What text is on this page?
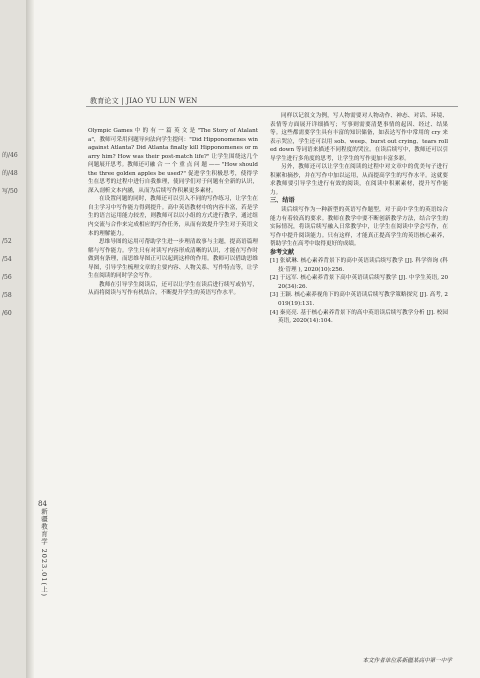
的/46
的/48
写/50
/52
/54
/56
/58
/60
84
新疆教育学 2023.01(上)
教育论文 | JIAO YU LUN WEN

Olympic Games 中 的 有 一 篇 英 文 是 "The Story of Atalanta"，教师可采用问题导向法向学生提问："Did Hipponomenes win against Atlanta? Did Atlanta finally kill Hipponomenes or marry him? How was their post-match life?" 让学生围绕这几个问题展开思考。教师还可融 合 一 个 重 点 问 题 —— "How should the three golden apples be used?" 促进学生积极思考，使得学生在思考的过程中进行自我推理，使同学们对于问题有全新的认识，深入剖析文本内涵，从而为后续写作积累更多素材。

在设置问题的同时，教师还可以引入不同的写作练习，让学生在自主学习中写作能力得到提升。高中英语教材中的内容丰富，若是学生的语言运用能力较差，则教师可以以小组的方式进行教学，通过组内交流与合作来完成相应的写作任务，从而有效提升学生对于英语文本的理解能力。

思维导图的运用可帮助学生进一步理清故事与主题，提高语篇理解与写作能力。学生只有对读写内容形成清晰的认识，才能在写作时做到有条理，而思维导图正可以起到这样的作用。教师可以借助思维导图，引导学生梳理文章的主要内容、人物关系、写作特点等，让学生在阅读的同时学会写作。

教师在引导学生阅读后，还可以让学生在读后进行续写或仿写，从而将阅读与写作有机结合，不断提升学生的英语写作水平。

同样以记叙文为例，写人物需要对人物动作、神态、对话、环境、表情等方面展开详细描写；写事则需要清楚事情的起因、经过、结果等。这些都需要学生具有丰富的知识储备，如表达写作中常用的 cry 来表示哭泣，学生还可以用 sob、weep、burst out crying、tears rolled down 等词语来描述不同程度的哭泣。在读后续写中，教师还可以引导学生进行多角度的思考，让学生的写作更加丰富多彩。

另外，教师还可以让学生在阅读的过程中对文章中的优美句子进行积累和摘抄，并在写作中加以运用，从而提高学生的写作水平。这就要求教师要引导学生进行有效的阅读，在阅读中积累素材，提升写作能力。

三、结语

读后续写作为一种新型的英语写作题型，对于高中学生的英语综合能力有着较高的要求。教师在教学中要不断创新教学方法，结合学生的实际情况，将读后续写融入日常教学中，让学生在阅读中学会写作，在写作中提升阅读能力。只有这样，才能真正提高学生的英语核心素养，帮助学生在高考中取得更好的成绩。

参考文献

[1] 张斌琳. 核心素养背景下的高中英语读后续写教学 [J]. 科学咨询 (科技·管理 ), 2020(10):256.

[2] 于远军. 核心素养背景下高中英语读后续写教学 [J]. 中学生英语, 2020(34):26.

[3] 王颖. 核心素养视角下的高中英语读后续写教学策略探究 [J]. 高考, 2019(19):131.

[4] 秦亮亮. 基于核心素养背景下的高中英语读后续写教学分析 [J]. 校园英语, 2020(14):104.

本文作者单位系新疆某高中第一中学
